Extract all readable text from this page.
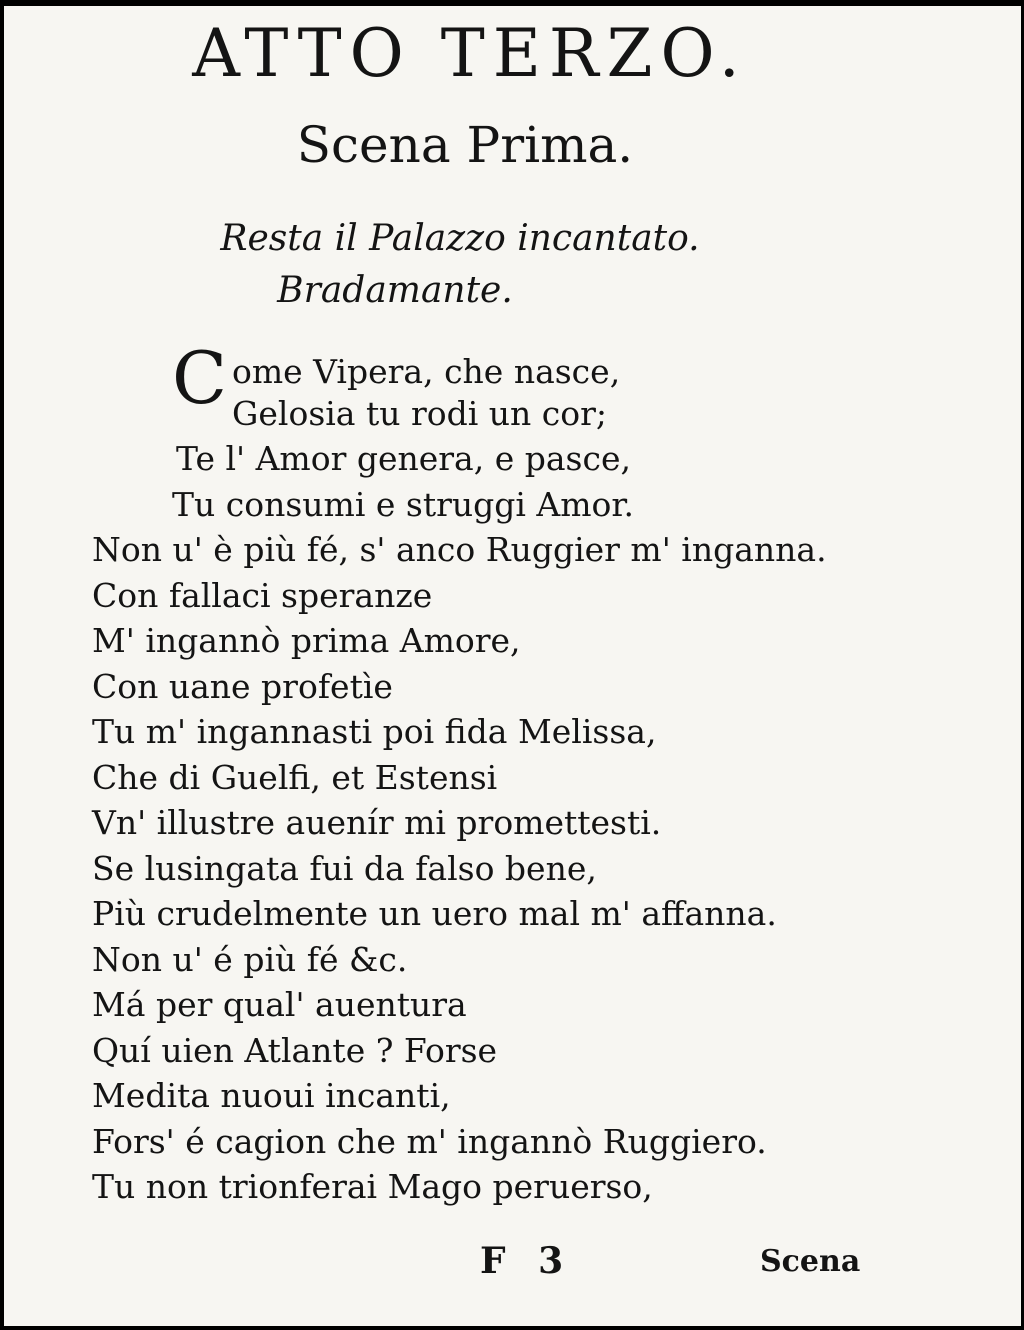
ATTO TERZO.
Scena Prima.
Resta il Palazzo incantato.
Bradamante.
C ome Vipera, che nasce,
Gelosia tu rodi un cor;
Te l' Amor genera, e pasce,
Tu consumi e struggi Amor.
Non u' è più fé, s' anco Ruggier m' inganna.
Con fallaci speranze
M' ingannò prima Amore,
Con uane profetìe
Tu m' ingannasti poi fida Melissa,
Che di Guelfi, et Estensi
Vn' illustre auenír mi promettesti.
Se lusingata fui da falso bene,
Più crudelmente un uero mal m' affanna.
Non u' é più fé &c.
Má per qual' auentura
Quí uien Atlante ? Forse
Medita nuoui incanti,
Fors' é cagion che m' ingannò Ruggiero.
Tu non trionferai Mago peruerso,
F 3	Scena
